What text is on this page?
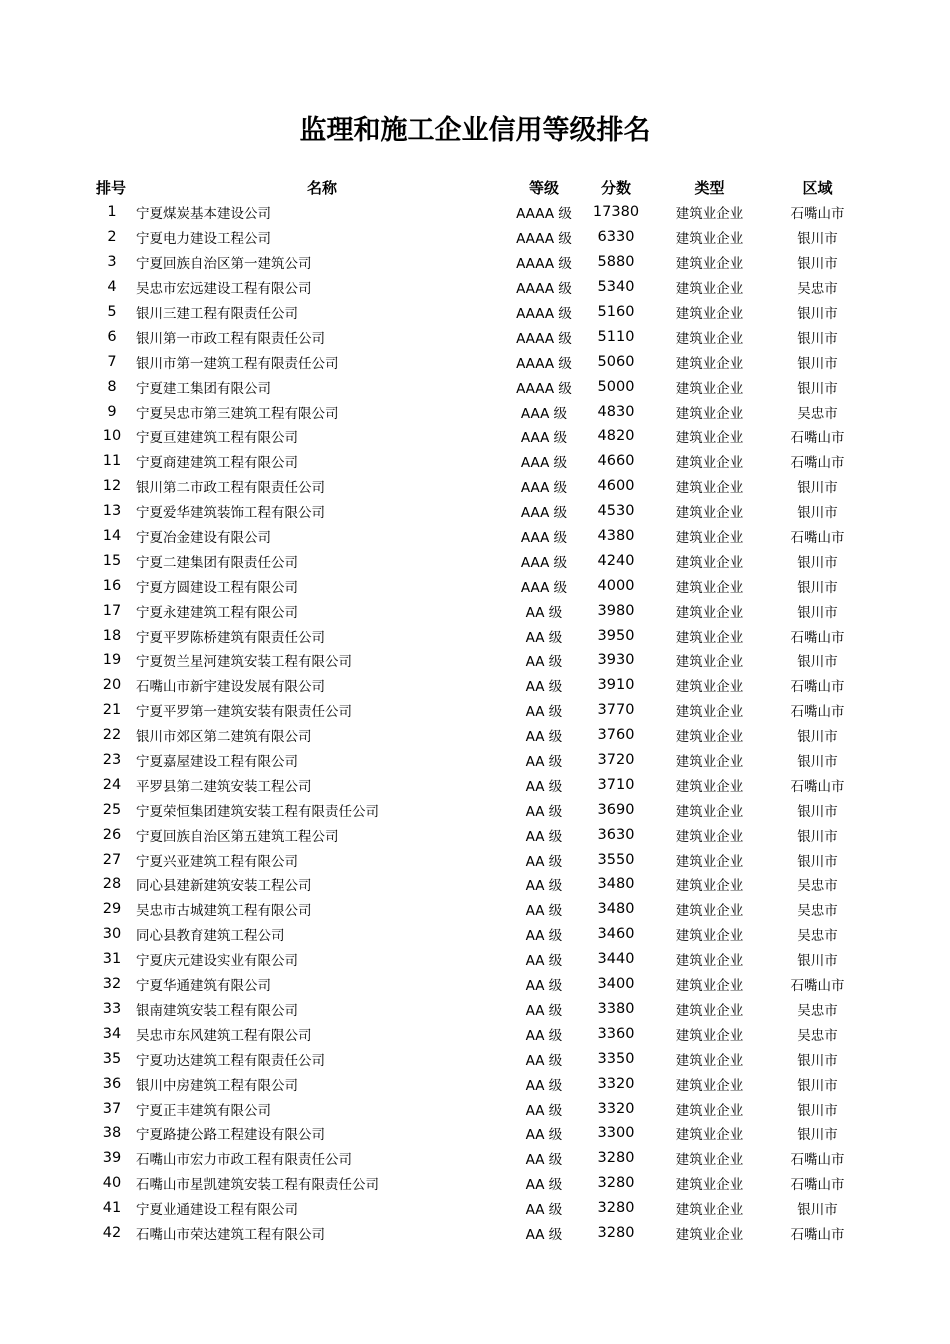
监理和施工企业信用等级排名
排号	名称	等级	分数	类型	区域
1	宁夏煤炭基本建设公司	AAAA 级	17380	建筑业企业	石嘴山市
2	宁夏电力建设工程公司	AAAA 级	6330	建筑业企业	银川市
3	宁夏回族自治区第一建筑公司	AAAA 级	5880	建筑业企业	银川市
4	吴忠市宏远建设工程有限公司	AAAA 级	5340	建筑业企业	吴忠市
5	银川三建工程有限责任公司	AAAA 级	5160	建筑业企业	银川市
6	银川第一市政工程有限责任公司	AAAA 级	5110	建筑业企业	银川市
7	银川市第一建筑工程有限责任公司	AAAA 级	5060	建筑业企业	银川市
8	宁夏建工集团有限公司	AAAA 级	5000	建筑业企业	银川市
9	宁夏吴忠市第三建筑工程有限公司	AAA 级	4830	建筑业企业	吴忠市
10	宁夏亘建建筑工程有限公司	AAA 级	4820	建筑业企业	石嘴山市
11	宁夏商建建筑工程有限公司	AAA 级	4660	建筑业企业	石嘴山市
12	银川第二市政工程有限责任公司	AAA 级	4600	建筑业企业	银川市
13	宁夏爱华建筑装饰工程有限公司	AAA 级	4530	建筑业企业	银川市
14	宁夏冶金建设有限公司	AAA 级	4380	建筑业企业	石嘴山市
15	宁夏二建集团有限责任公司	AAA 级	4240	建筑业企业	银川市
16	宁夏方圆建设工程有限公司	AAA 级	4000	建筑业企业	银川市
17	宁夏永建建筑工程有限公司	AA 级	3980	建筑业企业	银川市
18	宁夏平罗陈桥建筑有限责任公司	AA 级	3950	建筑业企业	石嘴山市
19	宁夏贺兰星河建筑安装工程有限公司	AA 级	3930	建筑业企业	银川市
20	石嘴山市新宇建设发展有限公司	AA 级	3910	建筑业企业	石嘴山市
21	宁夏平罗第一建筑安装有限责任公司	AA 级	3770	建筑业企业	石嘴山市
22	银川市郊区第二建筑有限公司	AA 级	3760	建筑业企业	银川市
23	宁夏嘉屋建设工程有限公司	AA 级	3720	建筑业企业	银川市
24	平罗县第二建筑安装工程公司	AA 级	3710	建筑业企业	石嘴山市
25	宁夏荣恒集团建筑安装工程有限责任公司	AA 级	3690	建筑业企业	银川市
26	宁夏回族自治区第五建筑工程公司	AA 级	3630	建筑业企业	银川市
27	宁夏兴亚建筑工程有限公司	AA 级	3550	建筑业企业	银川市
28	同心县建新建筑安装工程公司	AA 级	3480	建筑业企业	吴忠市
29	吴忠市古城建筑工程有限公司	AA 级	3480	建筑业企业	吴忠市
30	同心县教育建筑工程公司	AA 级	3460	建筑业企业	吴忠市
31	宁夏庆元建设实业有限公司	AA 级	3440	建筑业企业	银川市
32	宁夏华通建筑有限公司	AA 级	3400	建筑业企业	石嘴山市
33	银南建筑安装工程有限公司	AA 级	3380	建筑业企业	吴忠市
34	吴忠市东风建筑工程有限公司	AA 级	3360	建筑业企业	吴忠市
35	宁夏功达建筑工程有限责任公司	AA 级	3350	建筑业企业	银川市
36	银川中房建筑工程有限公司	AA 级	3320	建筑业企业	银川市
37	宁夏正丰建筑有限公司	AA 级	3320	建筑业企业	银川市
38	宁夏路捷公路工程建设有限公司	AA 级	3300	建筑业企业	银川市
39	石嘴山市宏力市政工程有限责任公司	AA 级	3280	建筑业企业	石嘴山市
40	石嘴山市星凯建筑安装工程有限责任公司	AA 级	3280	建筑业企业	石嘴山市
41	宁夏业通建设工程有限公司	AA 级	3280	建筑业企业	银川市
42	石嘴山市荣达建筑工程有限公司	AA 级	3280	建筑业企业	石嘴山市
